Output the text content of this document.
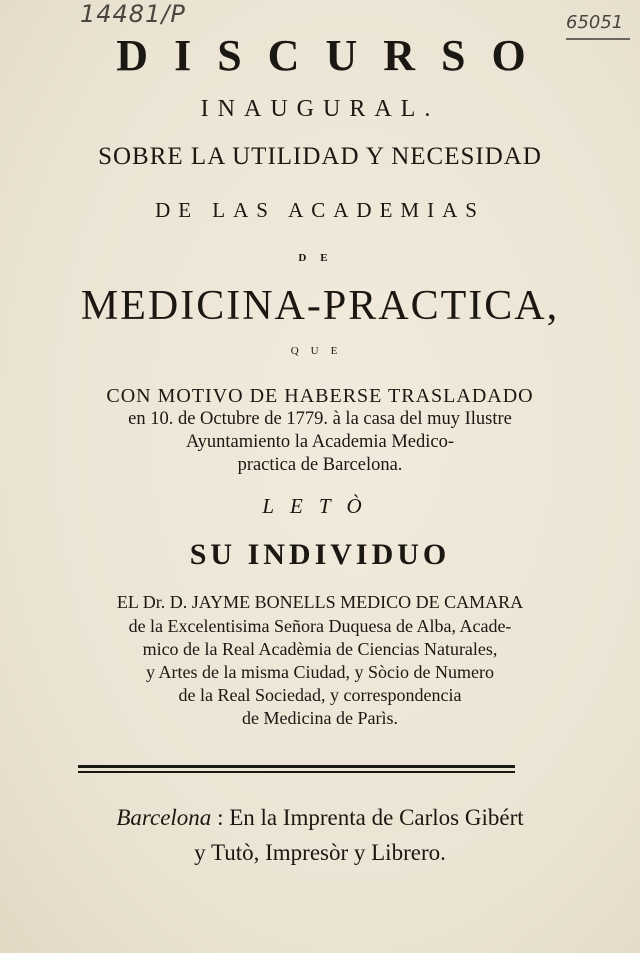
14481/P	65051
DISCURSO
INAUGURAL.
SOBRE LA UTILIDAD Y NECESIDAD
DE LAS ACADEMIAS
DE
MEDICINA-PRACTICA,
QUE
CON MOTIVO DE HABERSE TRASLADADO
en 10. de Octubre de 1779. à la casa del muy Ilustre
Ayuntamiento la Academia Medico-
practica de Barcelona.
LETÒ
SU INDIVIDUO
EL Dr. D. JAYME BONELLS MEDICO DE CAMARA
de la Excelentisima Señora Duquesa de Alba, Acade-
mico de la Real Acadèmia de Ciencias Naturales,
y Artes de la misma Ciudad, y Sòcio de Numero
de la Real Sociedad, y correspondencia
de Medicina de Parìs.
Barcelona : En la Imprenta de Carlos Gibért
y Tutò, Impresòr y Librero.
